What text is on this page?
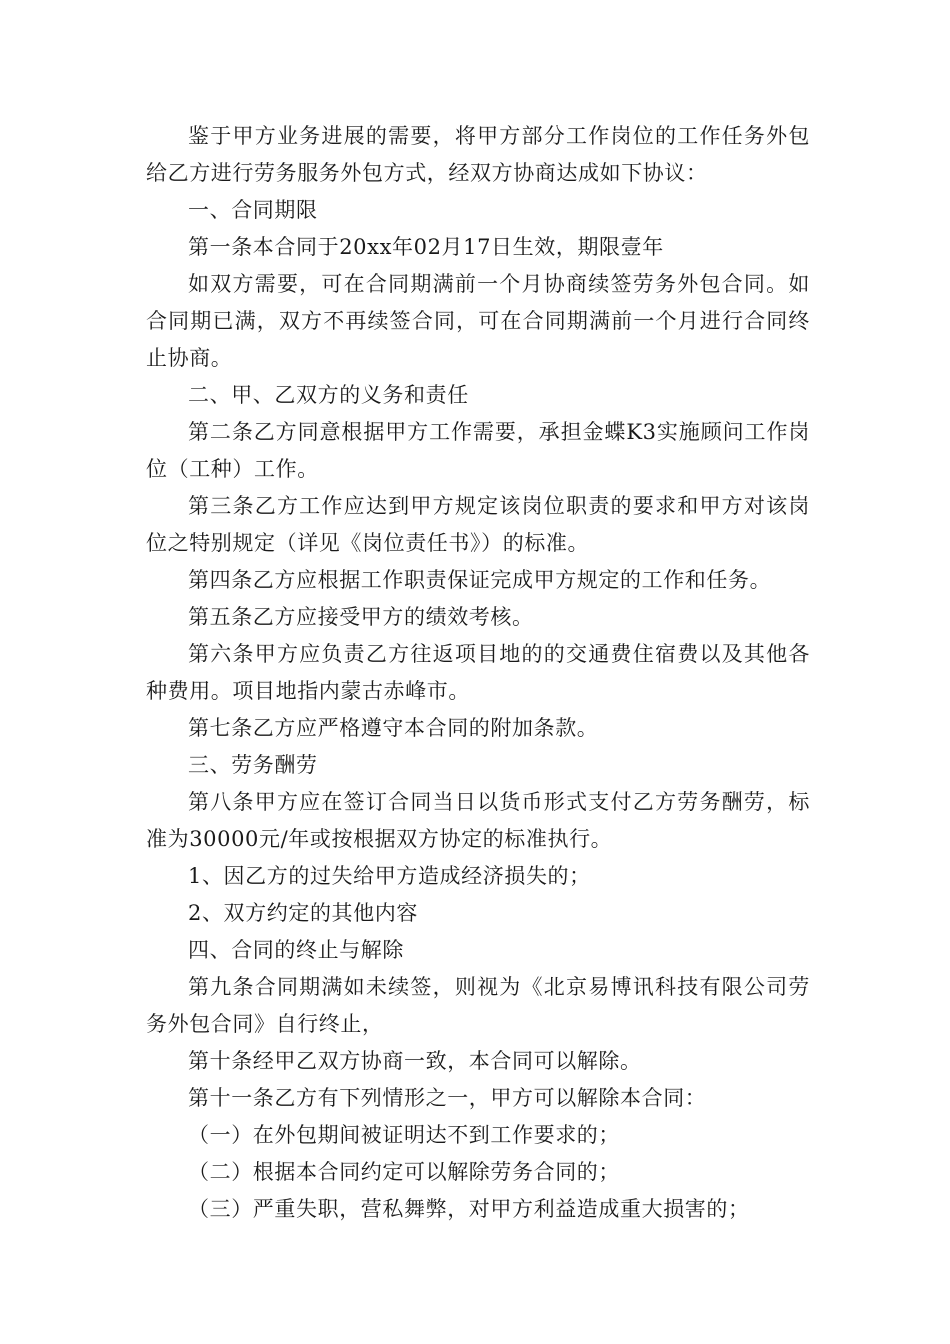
鉴于甲方业务进展的需要，将甲方部分工作岗位的工作任务外包给乙方进行劳务服务外包方式，经双方协商达成如下协议：

一、合同期限

第一条本合同于20xx年02月17日生效，期限壹年

如双方需要，可在合同期满前一个月协商续签劳务外包合同。如合同期已满，双方不再续签合同，可在合同期满前一个月进行合同终止协商。

二、甲、乙双方的义务和责任

第二条乙方同意根据甲方工作需要，承担金蝶K3实施顾问工作岗位（工种）工作。

第三条乙方工作应达到甲方规定该岗位职责的要求和甲方对该岗位之特别规定（详见《岗位责任书》）的标准。

第四条乙方应根据工作职责保证完成甲方规定的工作和任务。

第五条乙方应接受甲方的绩效考核。

第六条甲方应负责乙方往返项目地的的交通费住宿费以及其他各种费用。项目地指内蒙古赤峰市。

第七条乙方应严格遵守本合同的附加条款。

三、劳务酬劳

第八条甲方应在签订合同当日以货币形式支付乙方劳务酬劳，标准为30000元/年或按根据双方协定的标准执行。

1、因乙方的过失给甲方造成经济损失的；

2、双方约定的其他内容

四、合同的终止与解除

第九条合同期满如未续签，则视为《北京易博讯科技有限公司劳务外包合同》自行终止，

第十条经甲乙双方协商一致，本合同可以解除。

第十一条乙方有下列情形之一，甲方可以解除本合同：

（一）在外包期间被证明达不到工作要求的；

（二）根据本合同约定可以解除劳务合同的；

（三）严重失职，营私舞弊，对甲方利益造成重大损害的；
